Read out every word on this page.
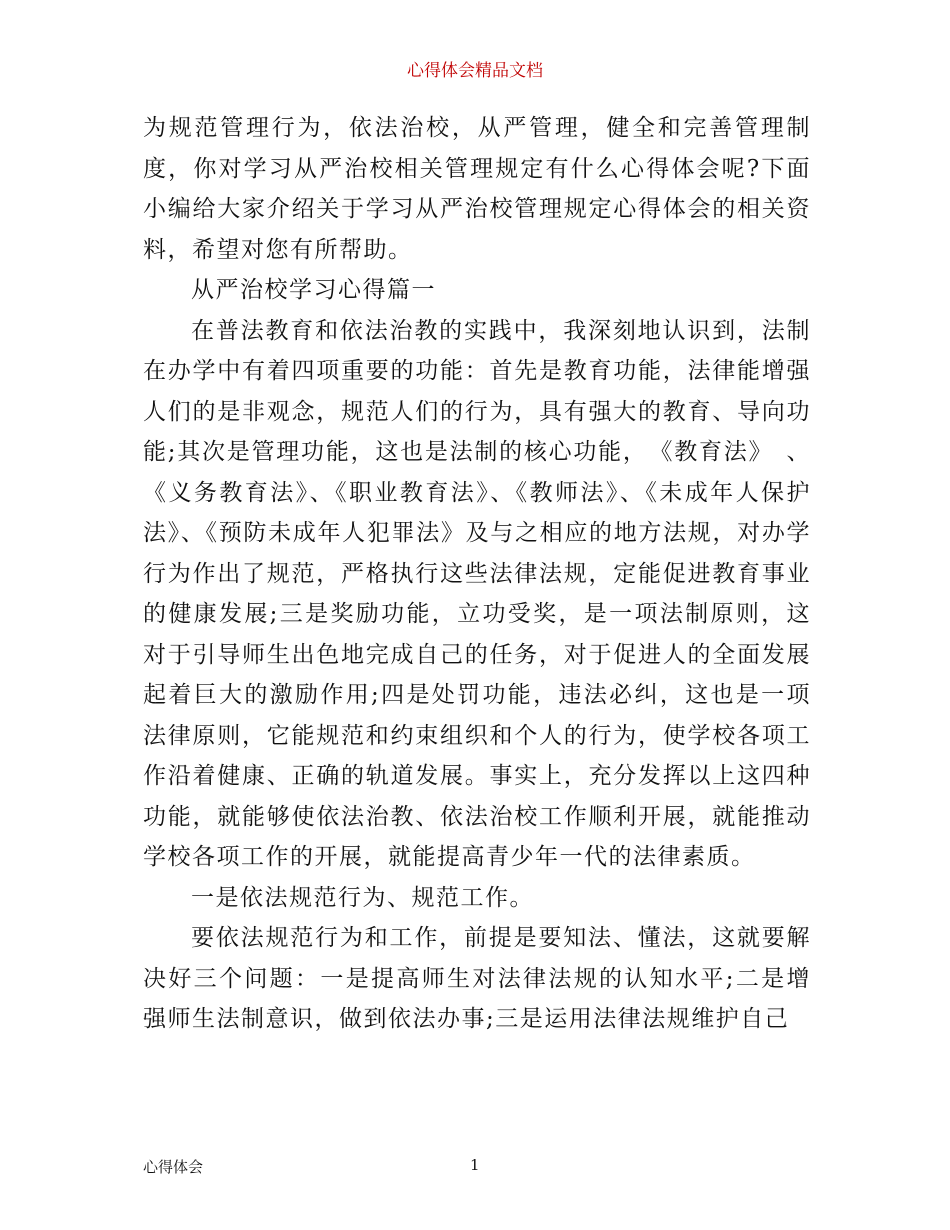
心得体会精品文档

为规范管理行为，依法治校，从严管理，健全和完善管理制度，你对学习从严治校相关管理规定有什么心得体会呢?下面小编给大家介绍关于学习从严治校管理规定心得体会的相关资料，希望对您有所帮助。

从严治校学习心得篇一

在普法教育和依法治教的实践中，我深刻地认识到，法制在办学中有着四项重要的功能：首先是教育功能，法律能增强人们的是非观念，规范人们的行为，具有强大的教育、导向功能;其次是管理功能，这也是法制的核心功能，　《教育法》　、《义务教育法》、《职业教育法》、《教师法》、《未成年人保护法》、《预防未成年人犯罪法》及与之相应的地方法规，对办学行为作出了规范，严格执行这些法律法规，定能促进教育事业的健康发展;三是奖励功能，立功受奖，是一项法制原则，这对于引导师生出色地完成自己的任务，对于促进人的全面发展起着巨大的激励作用;四是处罚功能，违法必纠，这也是一项法律原则，它能规范和约束组织和个人的行为，使学校各项工作沿着健康、正确的轨道发展。事实上，充分发挥以上这四种功能，就能够使依法治教、依法治校工作顺利开展，就能推动学校各项工作的开展，就能提高青少年一代的法律素质。

一是依法规范行为、规范工作。

要依法规范行为和工作，前提是要知法、懂法，这就要解决好三个问题：一是提高师生对法律法规的认知水平;二是增强师生法制意识，做到依法办事;三是运用法律法规维护自己

心得体会	1
